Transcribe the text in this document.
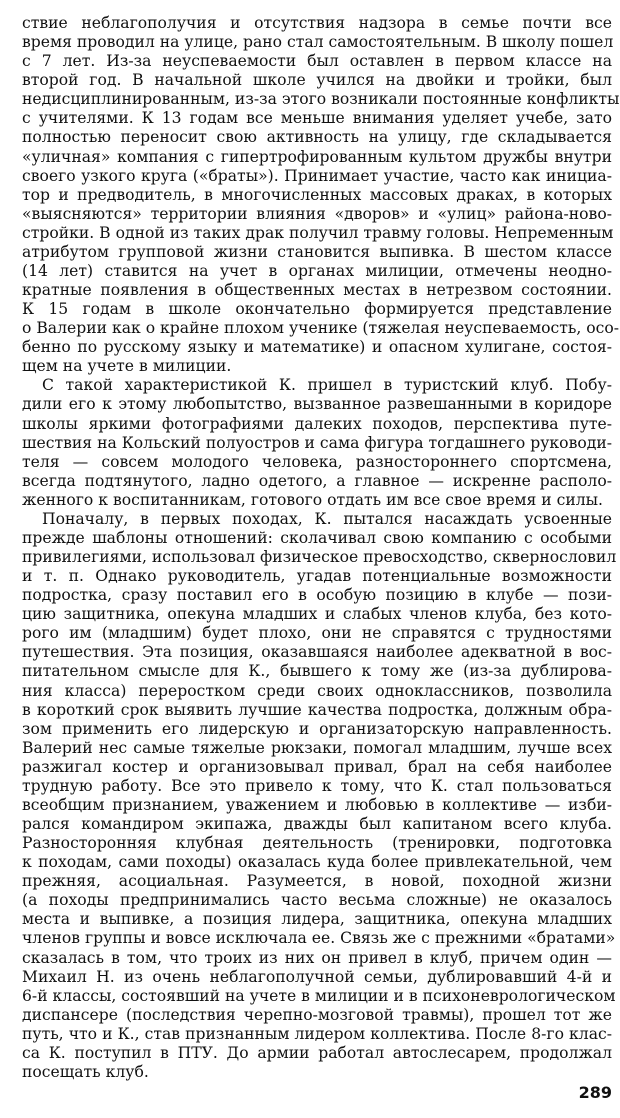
ствие неблагополучия и отсутствия надзора в семье почти все
время проводил на улице, рано стал самостоятельным. В школу пошел
с 7 лет. Из-за неуспеваемости был оставлен в первом классе на
второй год. В начальной школе учился на двойки и тройки, был
недисциплинированным, из-за этого возникали постоянные конфликты
с учителями. К 13 годам все меньше внимания уделяет учебе, зато
полностью переносит свою активность на улицу, где складывается
«уличная» компания с гипертрофированным культом дружбы внутри
своего узкого круга («браты»). Принимает участие, часто как инициа-
тор и предводитель, в многочисленных массовых драках, в которых
«выясняются» территории влияния «дворов» и «улиц» района-ново-
стройки. В одной из таких драк получил травму головы. Непременным
атрибутом групповой жизни становится выпивка. В шестом классе
(14 лет) ставится на учет в органах милиции, отмечены неодно-
кратные появления в общественных местах в нетрезвом состоянии.
К 15 годам в школе окончательно формируется представление
о Валерии как о крайне плохом ученике (тяжелая неуспеваемость, осо-
бенно по русскому языку и математике) и опасном хулигане, состоя-
щем на учете в милиции.
С такой характеристикой К. пришел в туристский клуб. Побу-
дили его к этому любопытство, вызванное развешанными в коридоре
школы яркими фотографиями далеких походов, перспектива путе-
шествия на Кольский полуостров и сама фигура тогдашнего руководи-
теля — совсем молодого человека, разностороннего спортсмена,
всегда подтянутого, ладно одетого, а главное — искренне располо-
женного к воспитанникам, готового отдать им все свое время и силы.
Поначалу, в первых походах, К. пытался насаждать усвоенные
прежде шаблоны отношений: сколачивал свою компанию с особыми
привилегиями, использовал физическое превосходство, сквернословил
и т. п. Однако руководитель, угадав потенциальные возможности
подростка, сразу поставил его в особую позицию в клубе — пози-
цию защитника, опекуна младших и слабых членов клуба, без кото-
рого им (младшим) будет плохо, они не справятся с трудностями
путешествия. Эта позиция, оказавшаяся наиболее адекватной в вос-
питательном смысле для К., бывшего к тому же (из-за дублирова-
ния класса) переростком среди своих одноклассников, позволила
в короткий срок выявить лучшие качества подростка, должным обра-
зом применить его лидерскую и организаторскую направленность.
Валерий нес самые тяжелые рюкзаки, помогал младшим, лучше всех
разжигал костер и организовывал привал, брал на себя наиболее
трудную работу. Все это привело к тому, что К. стал пользоваться
всеобщим признанием, уважением и любовью в коллективе — изби-
рался командиром экипажа, дважды был капитаном всего клуба.
Разносторонняя клубная деятельность (тренировки, подготовка
к походам, сами походы) оказалась куда более привлекательной, чем
прежняя, асоциальная. Разумеется, в новой, походной жизни
(а походы предпринимались часто весьма сложные) не оказалось
места и выпивке, а позиция лидера, защитника, опекуна младших
членов группы и вовсе исключала ее. Связь же с прежними «братами»
сказалась в том, что троих из них он привел в клуб, причем один —
Михаил Н. из очень неблагополучной семьи, дублировавший 4-й и
6-й классы, состоявший на учете в милиции и в психоневрологическом
диспансере (последствия черепно-мозговой травмы), прошел тот же
путь, что и К., став признанным лидером коллектива. После 8-го клас-
са К. поступил в ПТУ. До армии работал автослесарем, продолжал
посещать клуб.
289
